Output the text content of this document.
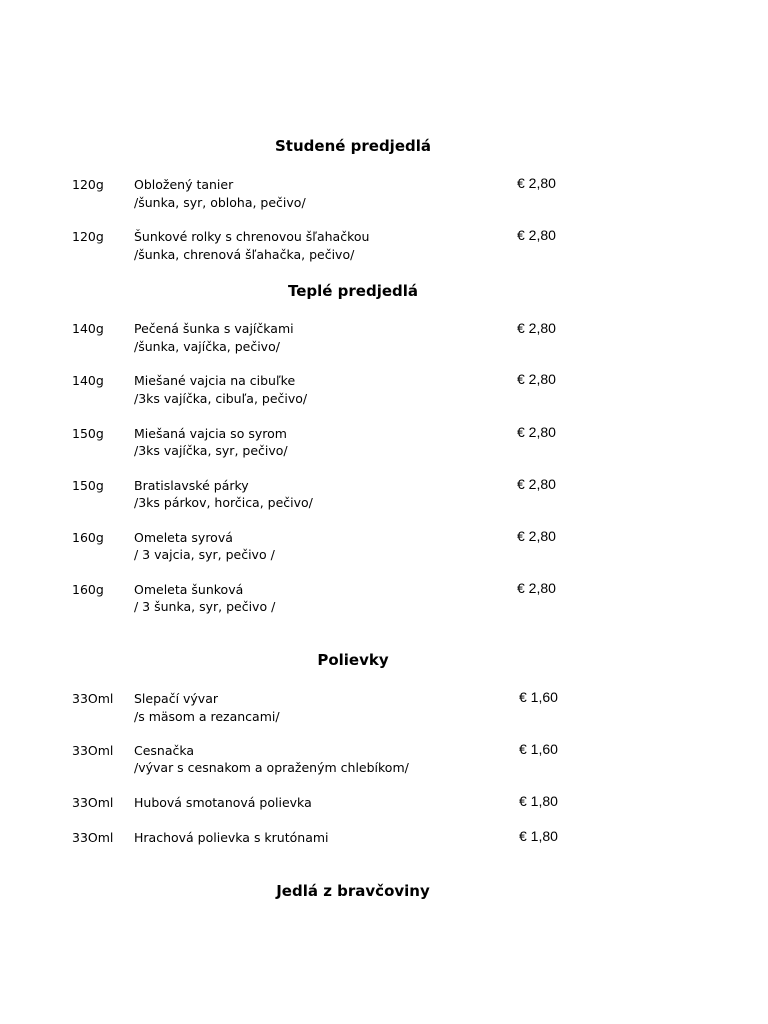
Studené predjedlá
120g Obložený tanier
/šunka, syr, obloha, pečivo/
€ 2,80
120g Šunkové rolky s chrenovou šľahačkou
/šunka, chrenová šľahačka, pečivo/
€ 2,80
Teplé predjedlá
140g Pečená šunka s vajíčkami
/šunka, vajíčka, pečivo/
€ 2,80
140g Miešané vajcia na cibuľke
/3ks vajíčka, cibuľa, pečivo/
€ 2,80
150g Miešaná vajcia so syrom
/3ks vajíčka, syr, pečivo/
€ 2,80
150g Bratislavské párky
/3ks párkov, horčica, pečivo/
€ 2,80
160g Omeleta syrová
/ 3 vajcia, syr, pečivo /
€ 2,80
160g Omeleta šunková
/ 3 šunka, syr, pečivo /
€ 2,80
Polievky
33Oml Slepačí vývar
/s mäsom a rezancami/
€ 1,60
33Oml Cesnačka
/vývar s cesnakom a opraženým chlebíkom/
€ 1,60
33Oml Hubová smotanová polievka	€ 1,80
33Oml Hrachová polievka s krutónami	€ 1,80
Jedlá z bravčoviny
